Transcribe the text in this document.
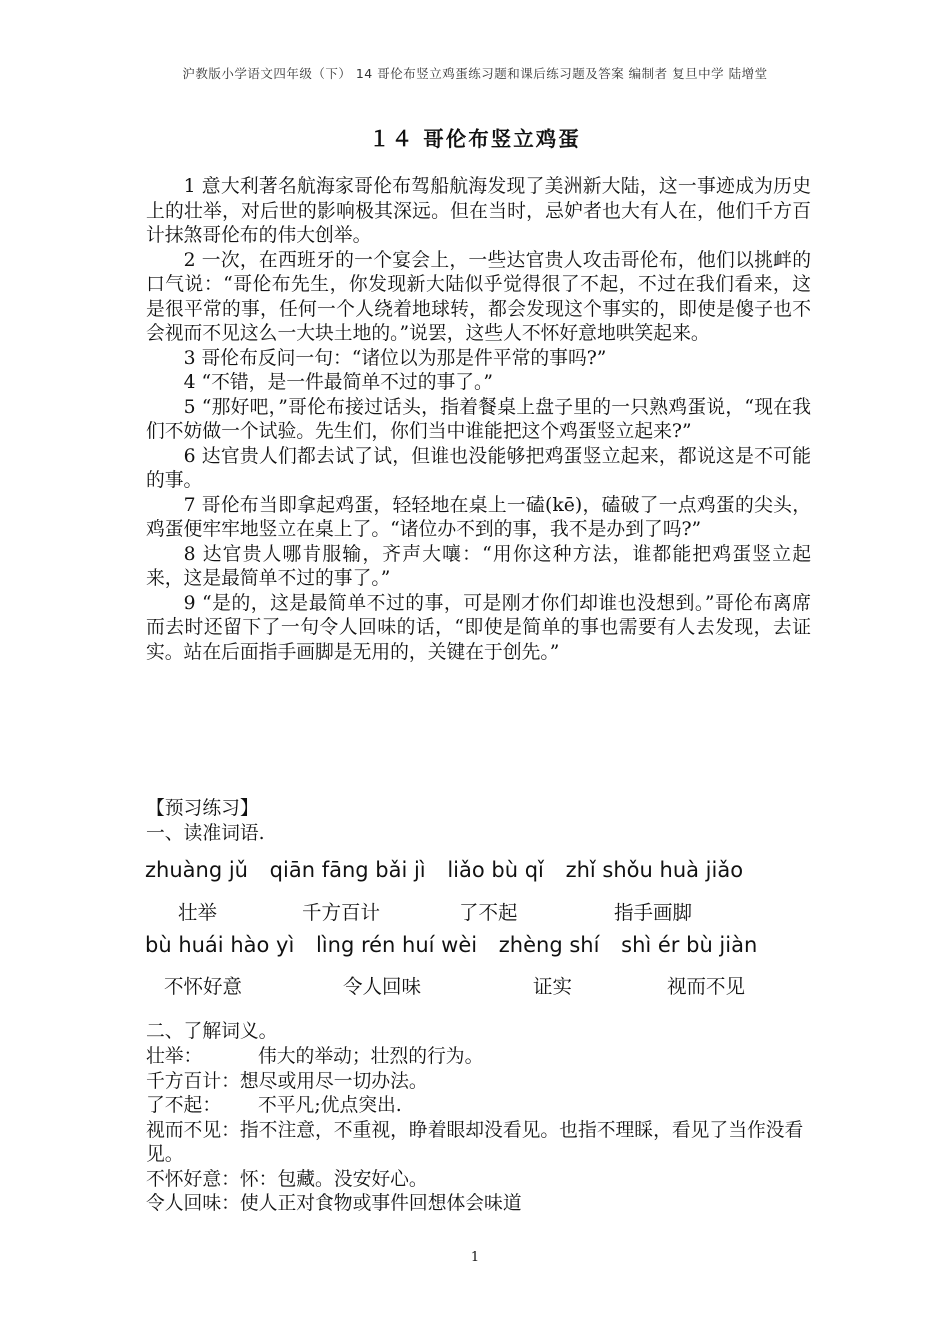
沪教版小学语文四年级（下） 14 哥伦布竖立鸡蛋练习题和课后练习题及答案 编制者 复旦中学 陆增堂
１４ 哥伦布竖立鸡蛋

1 意大利著名航海家哥伦布驾船航海发现了美洲新大陆，这一事迹成为历史上的壮举，对后世的影响极其深远。但在当时，忌妒者也大有人在，他们千方百计抹煞哥伦布的伟大创举。

2 一次，在西班牙的一个宴会上，一些达官贵人攻击哥伦布，他们以挑衅的口气说：“哥伦布先生，你发现新大陆似乎觉得很了不起，不过在我们看来，这是很平常的事，任何一个人绕着地球转，都会发现这个事实的，即使是傻子也不会视而不见这么一大块土地的。”说罢，这些人不怀好意地哄笑起来。

3 哥伦布反问一句：“诸位以为那是件平常的事吗?”

4 “不错，是一件最简单不过的事了。”

5 “那好吧，”哥伦布接过话头，指着餐桌上盘子里的一只熟鸡蛋说，“现在我们不妨做一个试验。先生们，你们当中谁能把这个鸡蛋竖立起来?”

6 达官贵人们都去试了试，但谁也没能够把鸡蛋竖立起来，都说这是不可能的事。

7 哥伦布当即拿起鸡蛋，轻轻地在桌上一磕(kē)，磕破了一点鸡蛋的尖头，鸡蛋便牢牢地竖立在桌上了。“诸位办不到的事，我不是办到了吗?”

8 达官贵人哪肯服输，齐声大嚷：“用你这种方法，谁都能把鸡蛋竖立起来，这是最简单不过的事了。”

9 “是的，这是最简单不过的事，可是刚才你们却谁也没想到。”哥伦布离席而去时还留下了一句令人回味的话，“即使是简单的事也需要有人去发现，去证实。站在后面指手画脚是无用的，关键在于创先。”

【预习练习】
一、读准词语.
zhuàng jǔ qiān fāng bǎi jì liǎo bù qǐ zhǐ shǒu huà jiǎo
壮举	千方百计	了不起	指手画脚
bù huái hào yì lìng rén huí wèi zhèng shí shì ér bù jiàn
不怀好意	令人回味	证实	视而不见
二、了解词义。

壮举：	伟大的举动；壮烈的行为。

千方百计：想尽或用尽一切办法。

了不起： 不平凡;优点突出.

视而不见：指不注意，不重视，睁着眼却没看见。也指不理睬，看见了当作没看见。

不怀好意：怀：包藏。没安好心。

令人回味：使人正对食物或事件回想体会味道

1
